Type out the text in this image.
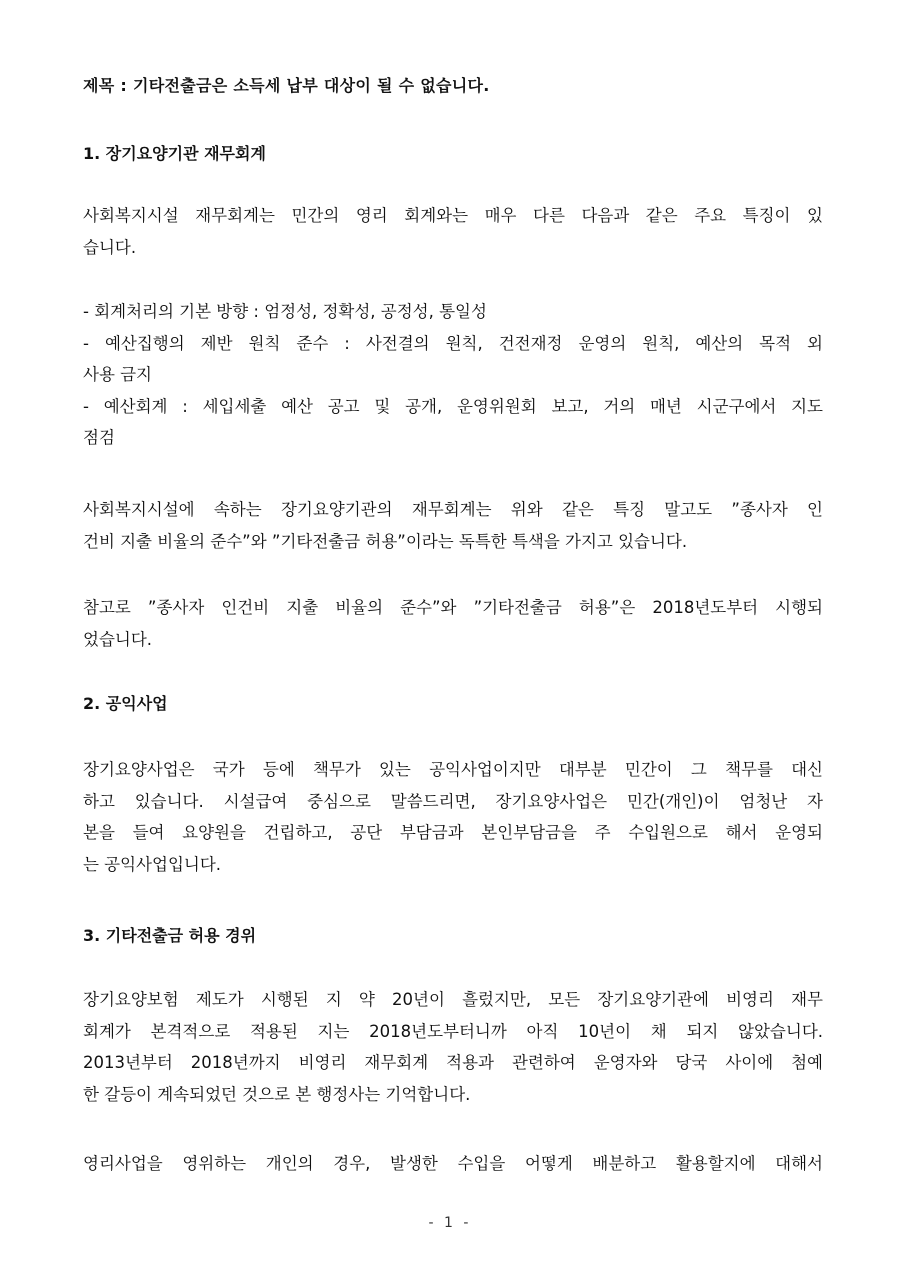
제목 : 기타전출금은 소득세 납부 대상이 될 수 없습니다.
1. 장기요양기관 재무회계
사회복지시설 재무회계는 민간의 영리 회계와는 매우 다른 다음과 같은 주요 특징이 있
습니다.
- 회계처리의 기본 방향 : 엄정성, 정확성, 공정성, 통일성
- 예산집행의 제반 원칙 준수 : 사전결의 원칙, 건전재정 운영의 원칙, 예산의 목적 외
사용 금지
- 예산회계 : 세입세출 예산 공고 및 공개, 운영위원회 보고, 거의 매년 시군구에서 지도
점검
사회복지시설에 속하는 장기요양기관의 재무회계는 위와 같은 특징 말고도 ”종사자 인
건비 지출 비율의 준수”와 ”기타전출금 허용”이라는 독특한 특색을 가지고 있습니다.
참고로 ”종사자 인건비 지출 비율의 준수”와 ”기타전출금 허용”은 2018년도부터 시행되
었습니다.
2. 공익사업
장기요양사업은 국가 등에 책무가 있는 공익사업이지만 대부분 민간이 그 책무를 대신
하고 있습니다. 시설급여 중심으로 말씀드리면, 장기요양사업은 민간(개인)이 엄청난 자
본을 들여 요양원을 건립하고, 공단 부담금과 본인부담금을 주 수입원으로 해서 운영되
는 공익사업입니다.
3. 기타전출금 허용 경위
장기요양보험 제도가 시행된 지 약 20년이 흘렀지만, 모든 장기요양기관에 비영리 재무
회계가 본격적으로 적용된 지는 2018년도부터니까 아직 10년이 채 되지 않았습니다.
2013년부터 2018년까지 비영리 재무회계 적용과 관련하여 운영자와 당국 사이에 첨예
한 갈등이 계속되었던 것으로 본 행정사는 기억합니다.
영리사업을 영위하는 개인의 경우, 발생한 수입을 어떻게 배분하고 활용할지에 대해서
- 1 -
